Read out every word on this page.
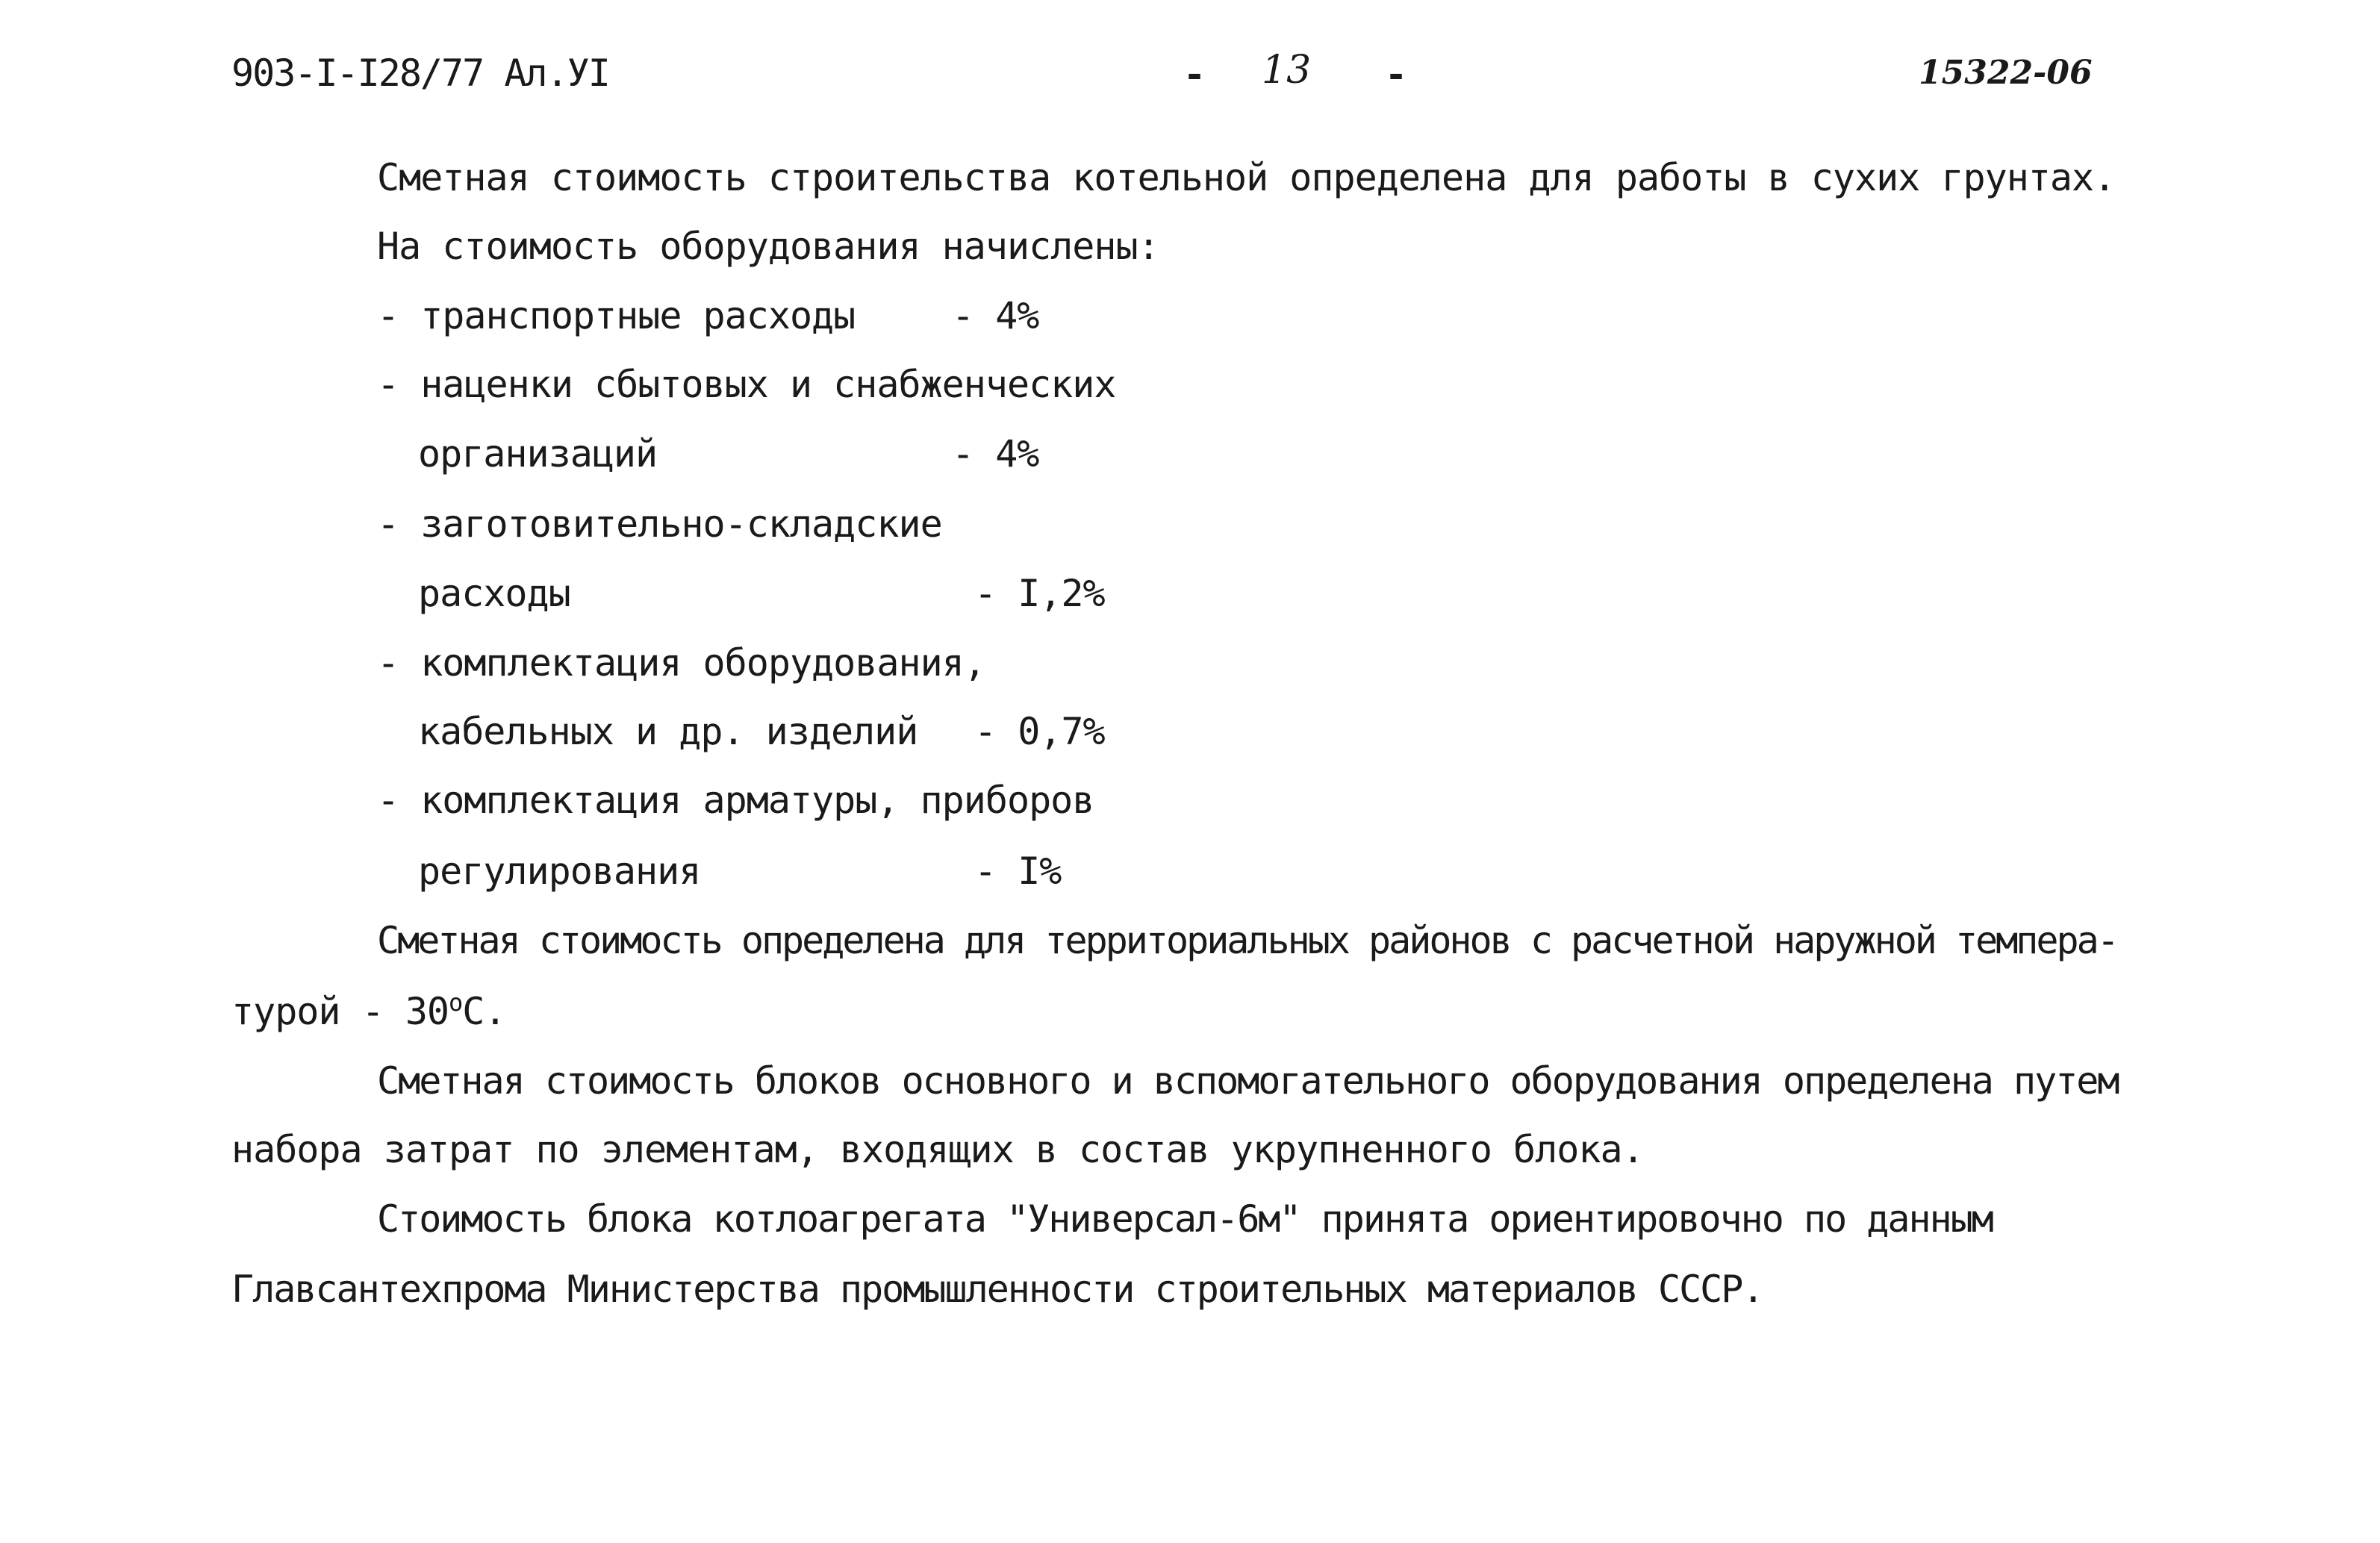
903-I-I28/77 Ал.УI	- 13 -	15322-06
Сметная стоимость строительства котельной определена для работы в сухих грунтах.
На стоимость оборудования начислены:
- транспортные расходы	- 4%
- наценки сбытовых и снабженческих
организаций	- 4%
- заготовительно-складские
расходы	- I,2%
- комплектация оборудования,
кабельных и др. изделий - 0,7%
- комплектация арматуры, приборов
регулирования	- I%
Сметная стоимость определена для территориальных районов с расчетной наружной темпера-
турой - $30^оС$.
Сметная стоимость блоков основного и вспомогательного оборудования определена путем
набора затрат по элементам, входящих в состав укрупненного блока.
Стоимость блока котлоагрегата "Универсал-6м" принята ориентировочно по данным
Главсантехпрома Министерства промышленности строительных материалов СССР.
